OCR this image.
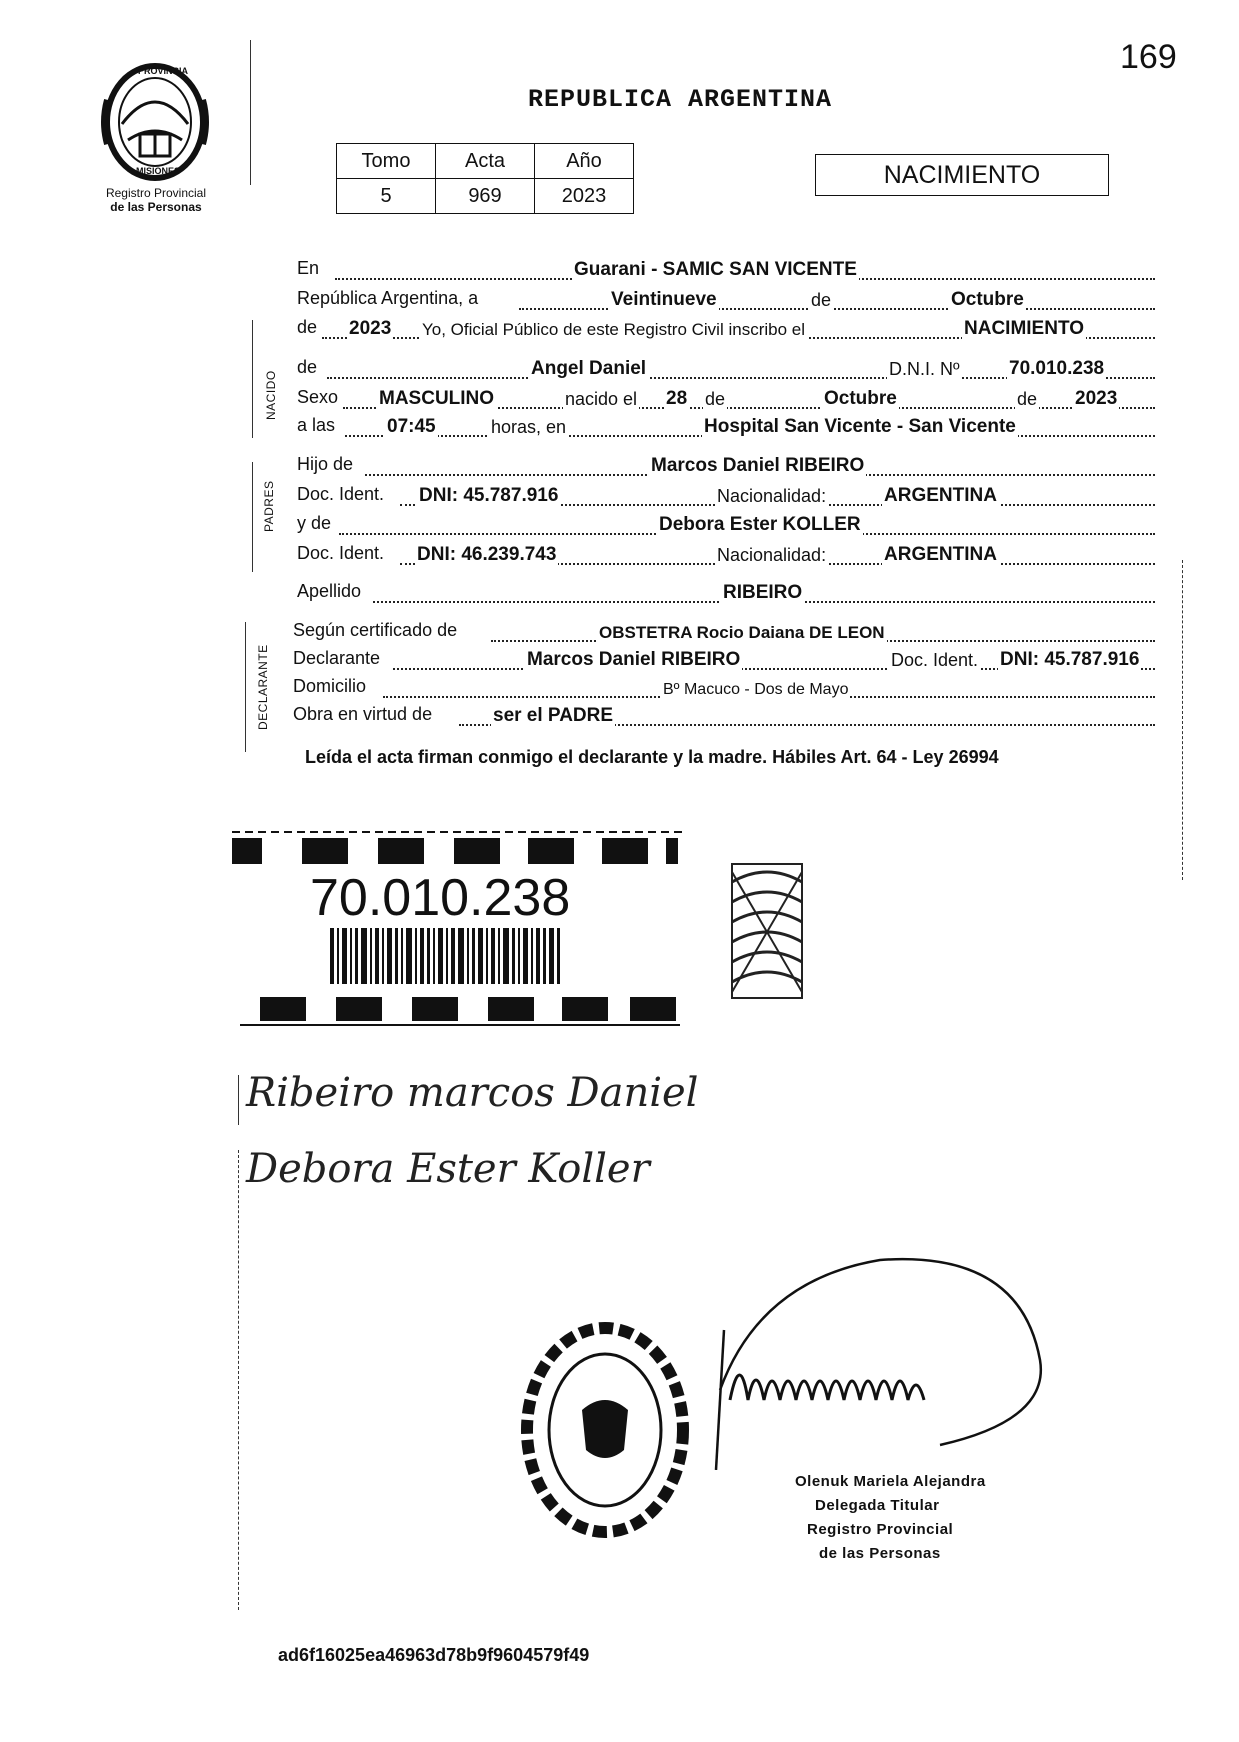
169
PROVINCIA
MISIONES
Registro Provincial
de las Personas
REPUBLICA ARGENTINA
Tomo	Acta	Año
5	969	2023
NACIMIENTO
En	Guarani - SAMIC SAN VICENTE
República Argentina, a	Veintinueve	de	Octubre
de 2023 Yo, Oficial Público de este Registro Civil inscribo el	NACIMIENTO
NACIDO
de	Angel Daniel	D.N.I. Nº	70.010.238
Sexo MASCULINO	nacido el 28 de	Octubre	de 2023
a las	07:45	horas, en	Hospital San Vicente - San Vicente
PADRES
Hijo de	Marcos Daniel RIBEIRO
Doc. Ident. DNI: 45.787.916	Nacionalidad:	ARGENTINA
y de	Debora Ester KOLLER
Doc. Ident. DNI: 46.239.743	Nacionalidad:	ARGENTINA
Apellido	RIBEIRO
DECLARANTE
Según certificado de	OBSTETRA Rocio Daiana DE LEON
Declarante	Marcos Daniel RIBEIRO	Doc. Ident. DNI: 45.787.916
Domicilio	Bº Macuco - Dos de Mayo
Obra en virtud de	ser el PADRE
Leída el acta firman conmigo el declarante y la madre. Hábiles Art. 64 - Ley 26994
70.010.238
Ribeiro marcos Daniel
Debora Ester Koller
Olenuk Mariela Alejandra
Delegada Titular
Registro Provincial
de las Personas
ad6f16025ea46963d78b9f9604579f49
